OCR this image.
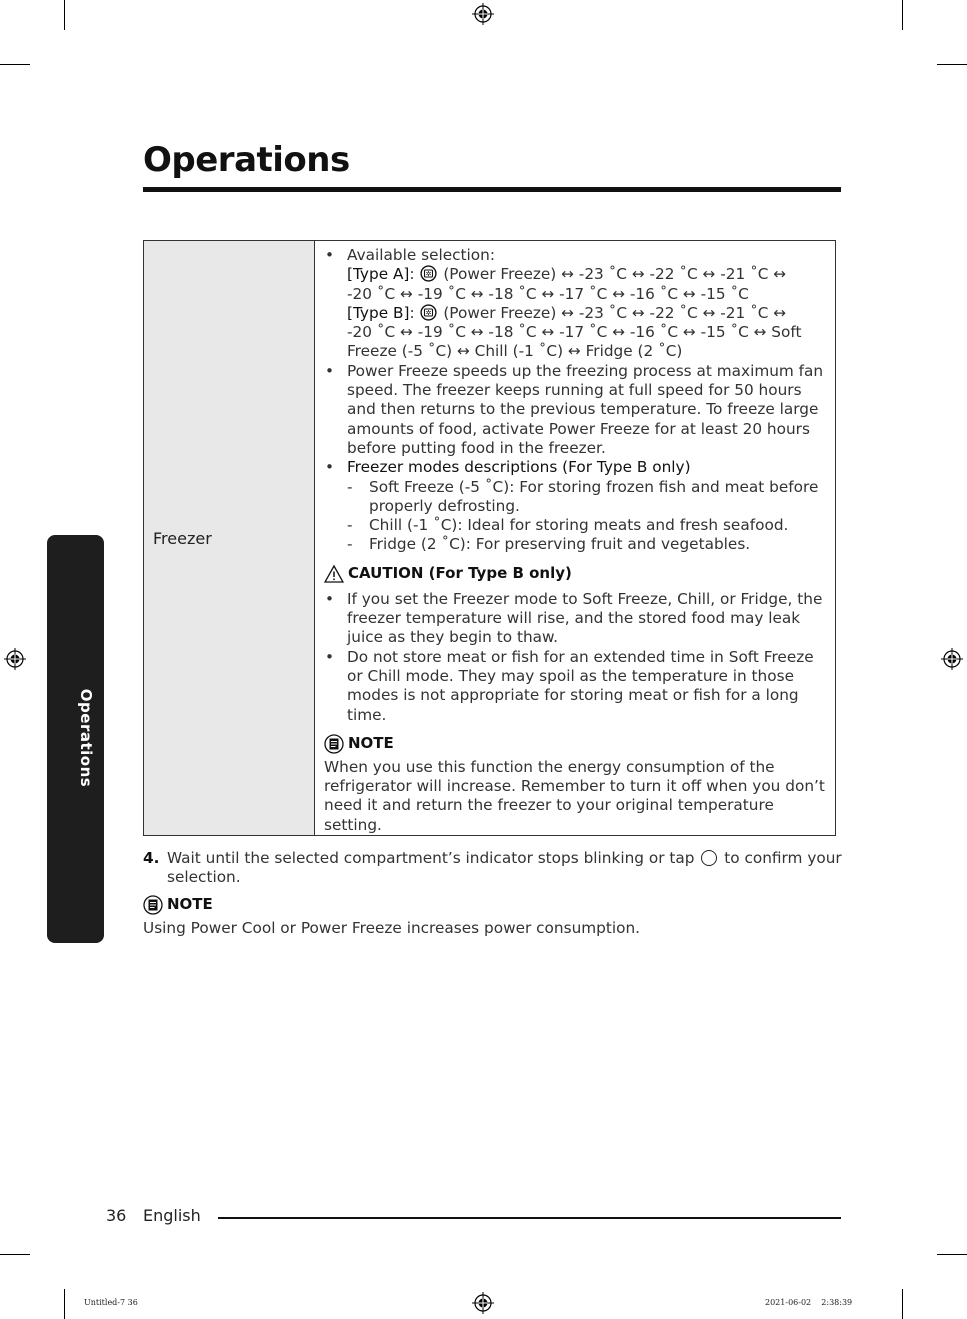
Operations
Operations
Freezer
• Available selection:
[Type A]: ✲ (Power Freeze) ↔ -23 ˚C ↔ -22 ˚C ↔ -21 ˚C ↔
-20 ˚C ↔ -19 ˚C ↔ -18 ˚C ↔ -17 ˚C ↔ -16 ˚C ↔ -15 ˚C
[Type B]: ✲ (Power Freeze) ↔ -23 ˚C ↔ -22 ˚C ↔ -21 ˚C ↔
-20 ˚C ↔ -19 ˚C ↔ -18 ˚C ↔ -17 ˚C ↔ -16 ˚C ↔ -15 ˚C ↔ Soft
Freeze (-5 ˚C) ↔ Chill (-1 ˚C) ↔ Fridge (2 ˚C)
• Power Freeze speeds up the freezing process at maximum fan speed. The freezer keeps running at full speed for 50 hours and then returns to the previous temperature. To freeze large amounts of food, activate Power Freeze for at least 20 hours before putting food in the freezer.
• Freezer modes descriptions (For Type B only)
- Soft Freeze (-5 ˚C): For storing frozen fish and meat before properly defrosting.
- Chill (-1 ˚C): Ideal for storing meats and fresh seafood.
- Fridge (2 ˚C): For preserving fruit and vegetables.
CAUTION (For Type B only)
• If you set the Freezer mode to Soft Freeze, Chill, or Fridge, the freezer temperature will rise, and the stored food may leak juice as they begin to thaw.
• Do not store meat or fish for an extended time in Soft Freeze or Chill mode. They may spoil as the temperature in those modes is not appropriate for storing meat or fish for a long time.
NOTE
When you use this function the energy consumption of the refrigerator will increase. Remember to turn it off when you don’t need it and return the freezer to your original temperature setting.
4. Wait until the selected compartment’s indicator stops blinking or tap to confirm your selection.
NOTE
Using Power Cool or Power Freeze increases power consumption.
36 English
Untitled-7 36	2021-06-02    2:38:39
